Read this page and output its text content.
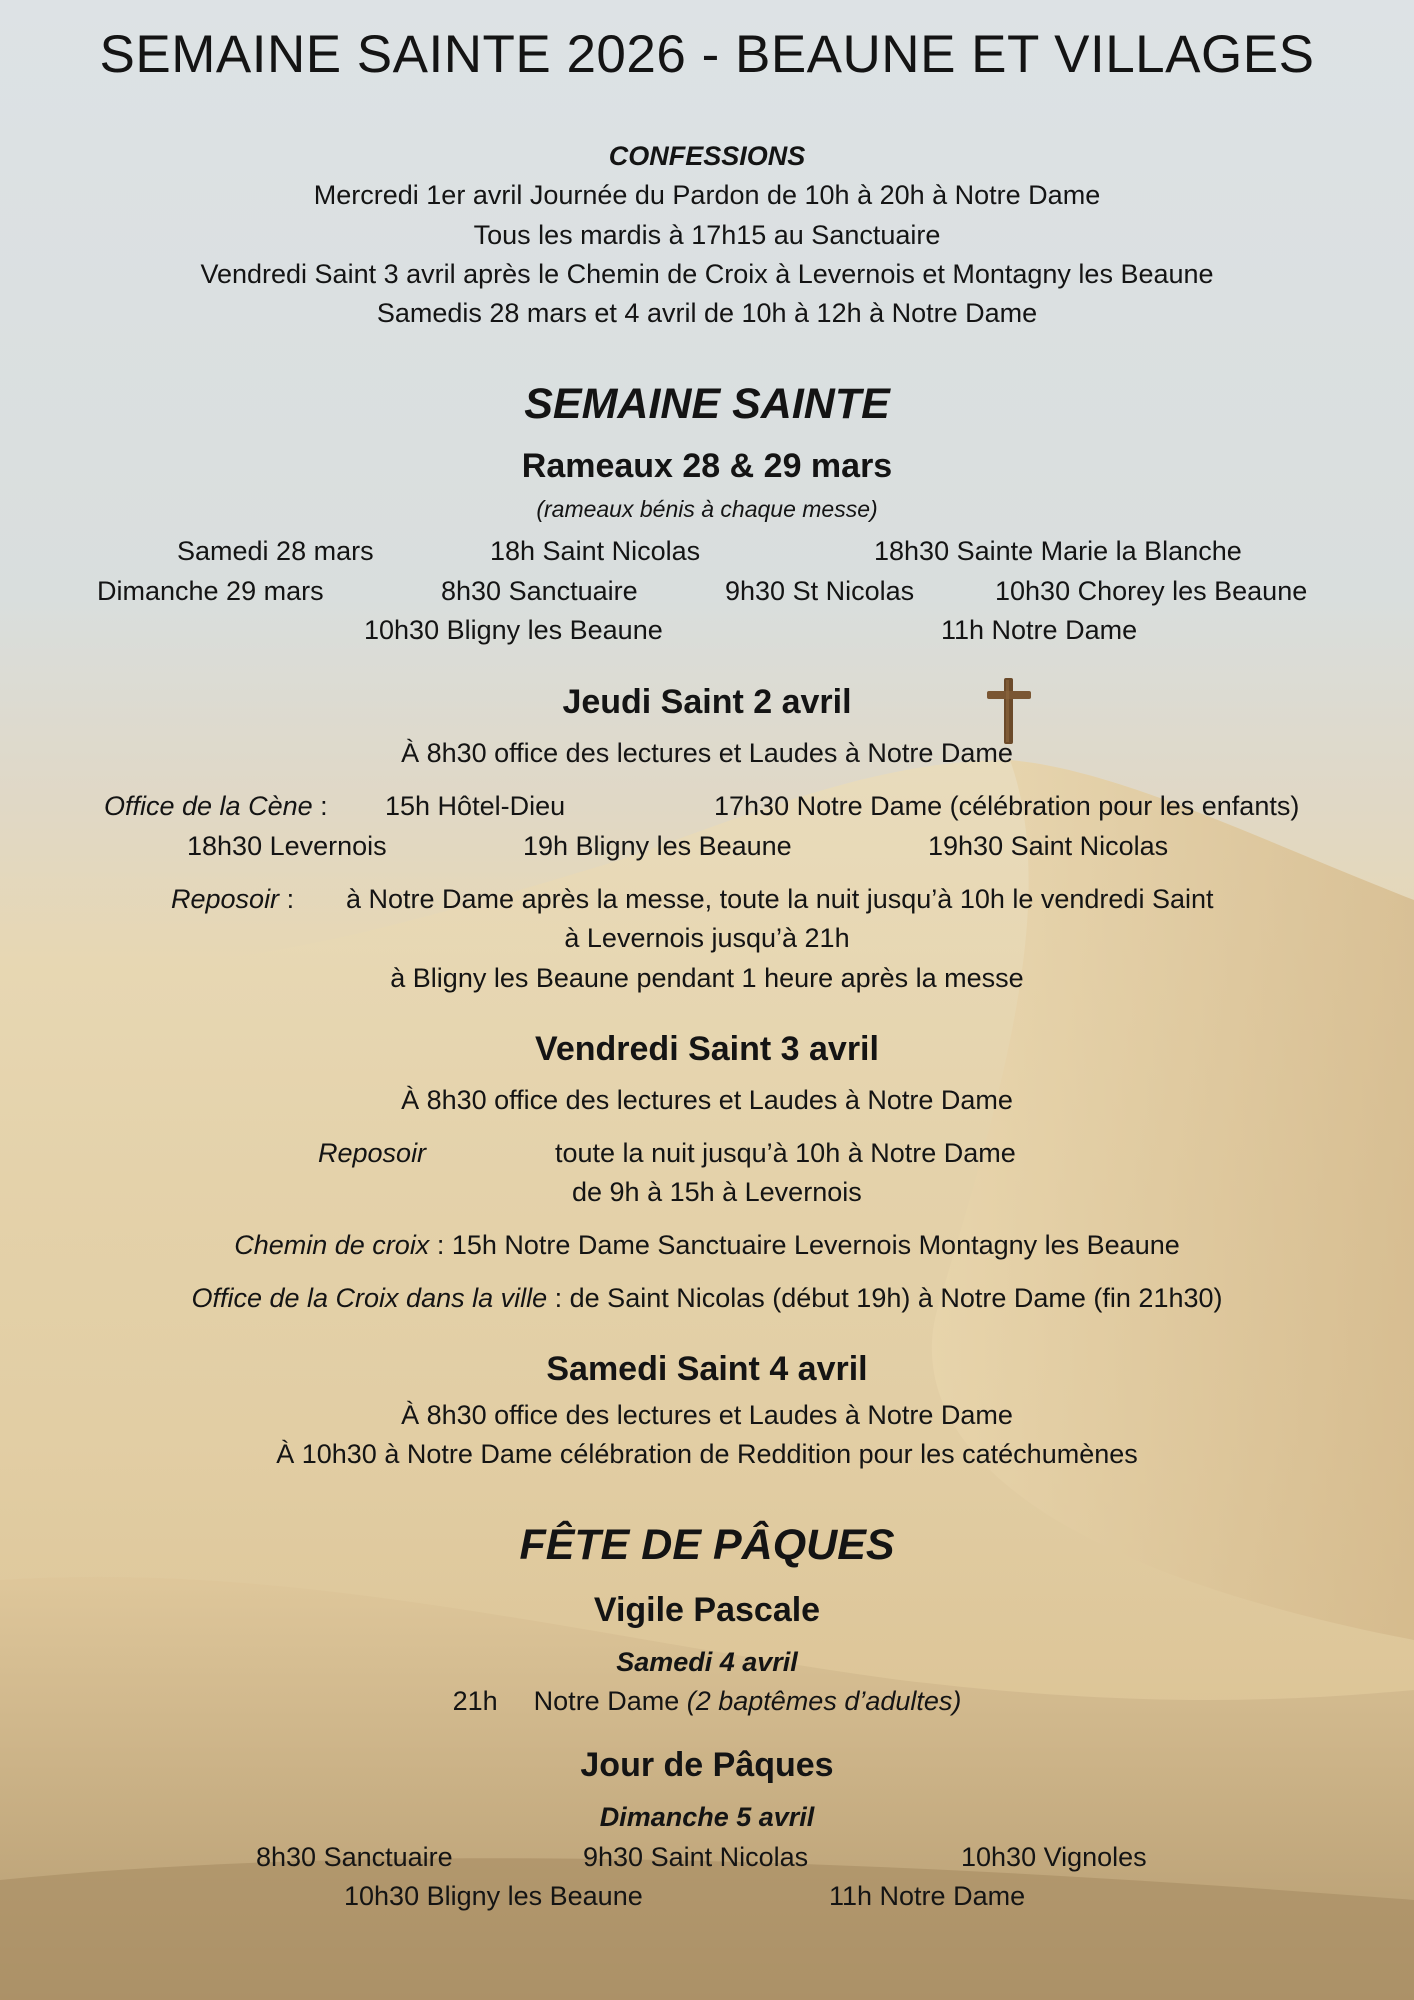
SEMAINE SAINTE 2026 - BEAUNE ET VILLAGES
CONFESSIONS
Mercredi 1er avril Journée du Pardon de 10h à 20h à Notre Dame
Tous les mardis à 17h15 au Sanctuaire
Vendredi Saint 3 avril après le Chemin de Croix à Levernois et Montagny les Beaune
Samedis 28 mars et 4 avril de 10h à 12h à Notre Dame
SEMAINE SAINTE
Rameaux 28 & 29 mars
(rameaux bénis à chaque messe)
Samedi 28 mars	18h Saint Nicolas	18h30 Sainte Marie la Blanche
Dimanche 29 mars	8h30 Sanctuaire	9h30 St Nicolas	10h30 Chorey les Beaune
10h30 Bligny les Beaune	11h Notre Dame
Jeudi Saint 2 avril
À 8h30 office des lectures et Laudes à Notre Dame
Office de la Cène : 15h Hôtel-Dieu	17h30 Notre Dame (célébration pour les enfants)
18h30 Levernois	19h Bligny les Beaune	19h30 Saint Nicolas
Reposoir : à Notre Dame après la messe, toute la nuit jusqu’à 10h le vendredi Saint
à Levernois jusqu’à 21h
à Bligny les Beaune pendant 1 heure après la messe
Vendredi Saint 3 avril
À 8h30 office des lectures et Laudes à Notre Dame
Reposoir	toute la nuit jusqu’à 10h à Notre Dame
de 9h à 15h à Levernois
Chemin de croix : 15h Notre Dame Sanctuaire Levernois Montagny les Beaune
Office de la Croix dans la ville : de Saint Nicolas (début 19h) à Notre Dame (fin 21h30)
Samedi Saint 4 avril
À 8h30 office des lectures et Laudes à Notre Dame
À 10h30 à Notre Dame célébration de Reddition pour les catéchumènes
FÊTE DE PÂQUES
Vigile Pascale
Samedi 4 avril
21h Notre Dame (2 baptêmes d’adultes)
Jour de Pâques
Dimanche 5 avril
8h30 Sanctuaire	9h30 Saint Nicolas	10h30 Vignoles
10h30 Bligny les Beaune	11h Notre Dame
